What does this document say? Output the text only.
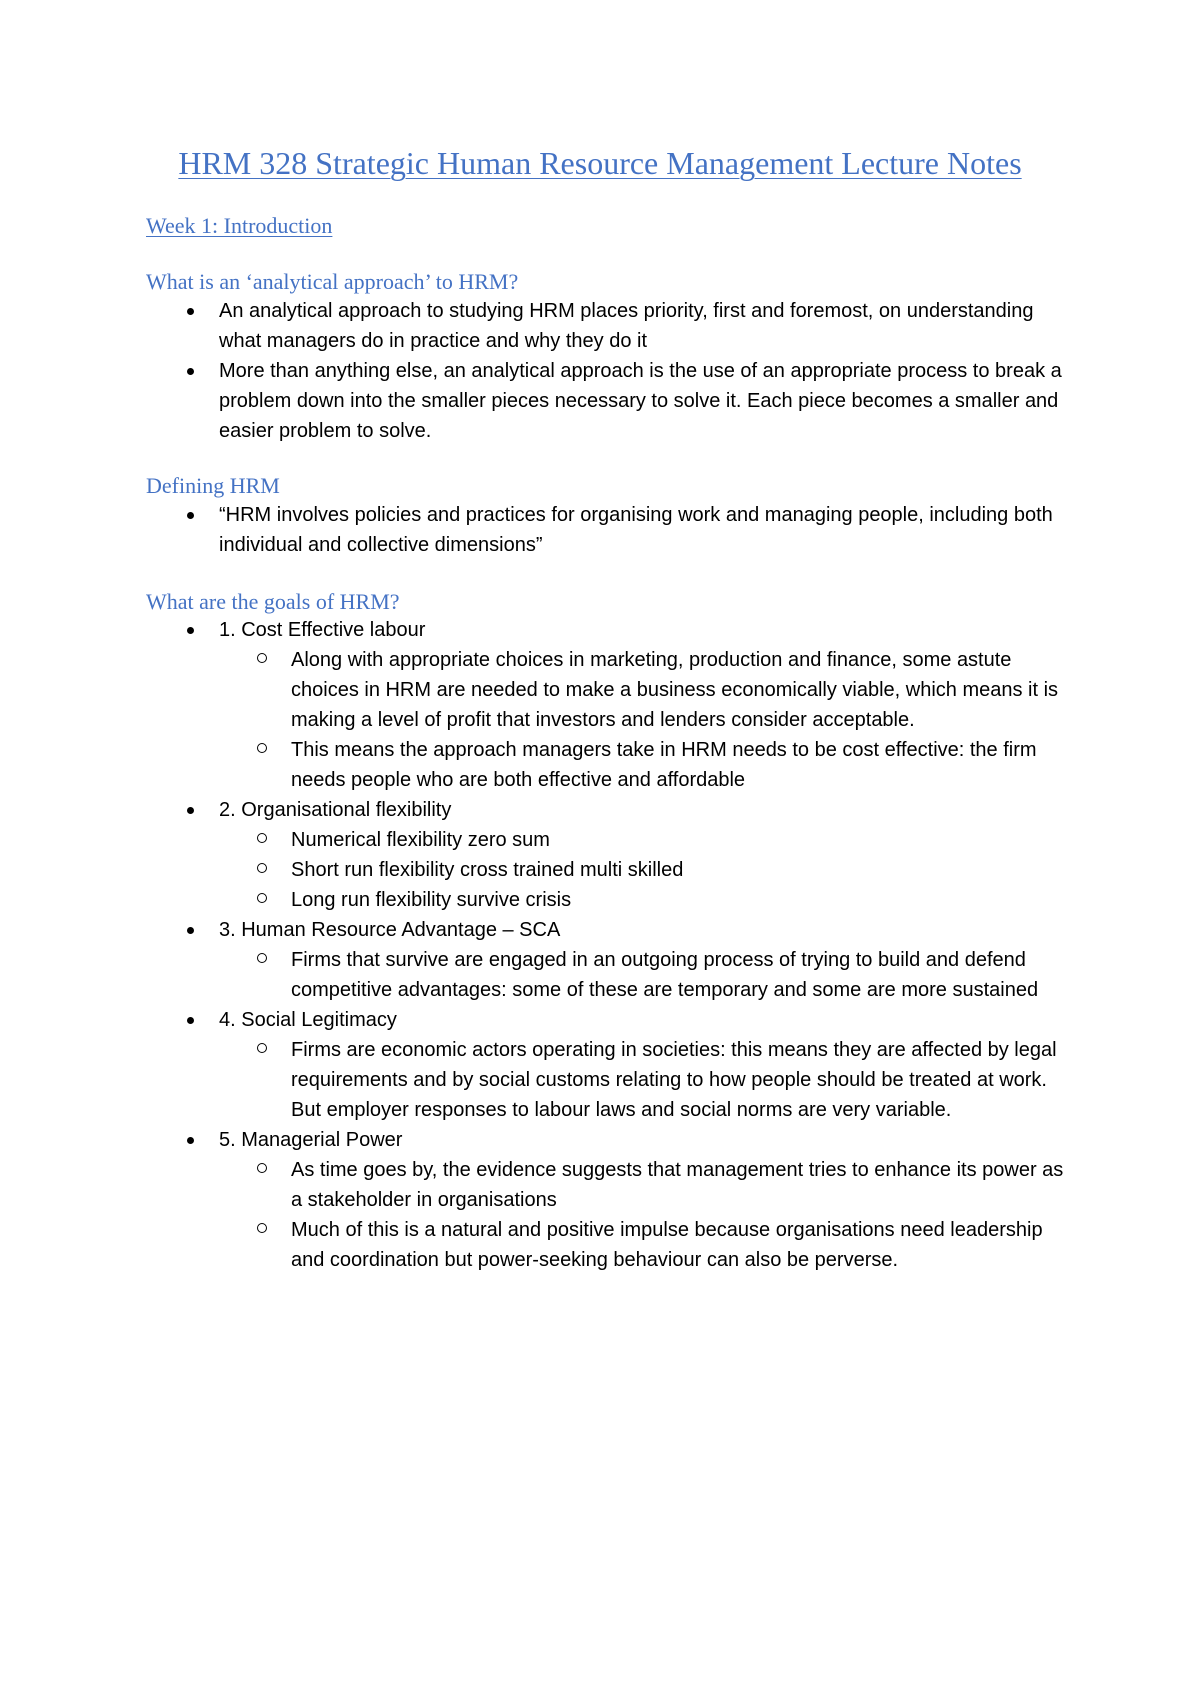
HRM 328 Strategic Human Resource Management Lecture Notes
Week 1: Introduction
What is an ‘analytical approach’ to HRM?
An analytical approach to studying HRM places priority, first and foremost, on understanding what managers do in practice and why they do it
More than anything else, an analytical approach is the use of an appropriate process to break a problem down into the smaller pieces necessary to solve it. Each piece becomes a smaller and easier problem to solve.
Defining HRM
“HRM involves policies and practices for organising work and managing people, including both individual and collective dimensions”
What are the goals of HRM?
1. Cost Effective labour
Along with appropriate choices in marketing, production and finance, some astute choices in HRM are needed to make a business economically viable, which means it is making a level of profit that investors and lenders consider acceptable.
This means the approach managers take in HRM needs to be cost effective: the firm needs people who are both effective and affordable
2. Organisational flexibility
Numerical flexibility zero sum
Short run flexibility cross trained multi skilled
Long run flexibility survive crisis
3. Human Resource Advantage – SCA
Firms that survive are engaged in an outgoing process of trying to build and defend competitive advantages: some of these are temporary and some are more sustained
4. Social Legitimacy
Firms are economic actors operating in societies: this means they are affected by legal requirements and by social customs relating to how people should be treated at work. But employer responses to labour laws and social norms are very variable.
5. Managerial Power
As time goes by, the evidence suggests that management tries to enhance its power as a stakeholder in organisations
Much of this is a natural and positive impulse because organisations need leadership and coordination but power-seeking behaviour can also be perverse.
